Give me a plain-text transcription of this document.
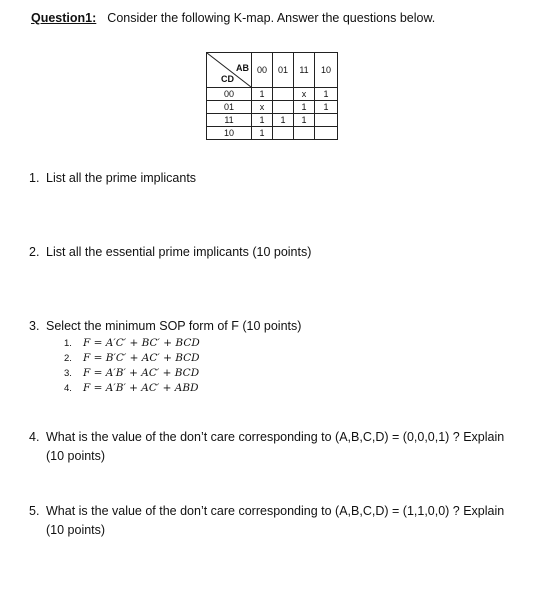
Question1: Consider the following K-map. Answer the questions below.
AB
CD	00	01	11	10
00	1		x	1
01	x		1	1
11	1	1	1	
10	1			
1. List all the prime implicants
2. List all the essential prime implicants (10 points)
3. Select the minimum SOP form of F (10 points)
1. F = A′C′ + BC′ + BCD
2. F = B′C′ + AC′ + BCD
3. F = A′B′ + AC′ + BCD
4. F = A′B′ + AC′ + ABD
4. What is the value of the don’t care corresponding to (A,B,C,D) = (0,0,0,1) ? Explain
(10 points)
5. What is the value of the don’t care corresponding to (A,B,C,D) = (1,1,0,0) ? Explain
(10 points)
